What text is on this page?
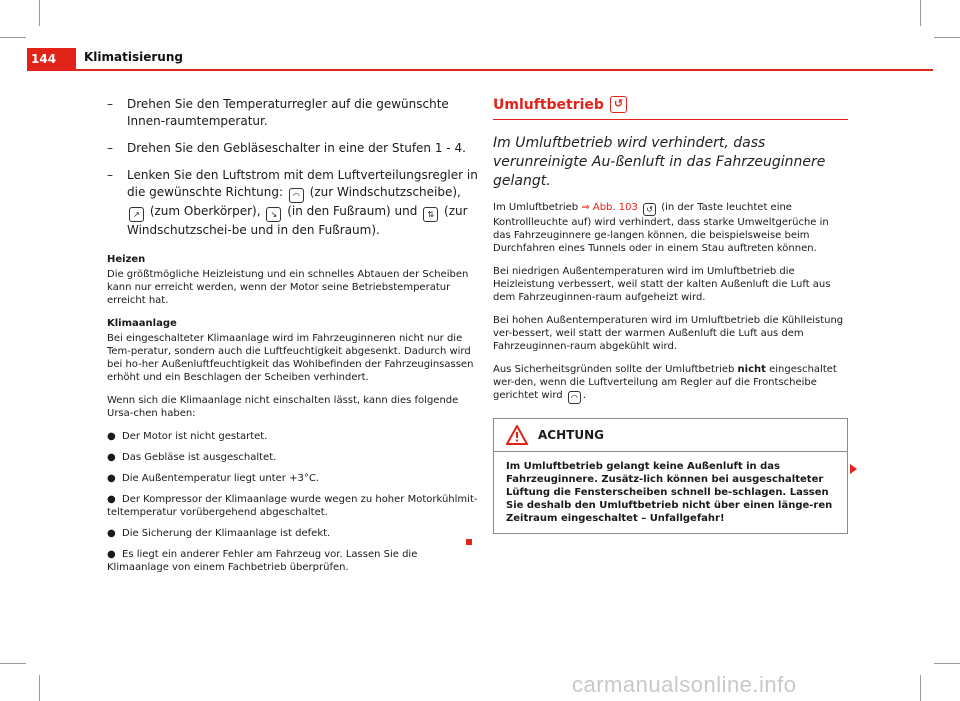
144	Klimatisierung
– Drehen Sie den Temperaturregler auf die gewünschte Innen-raumtemperatur.
– Drehen Sie den Gebläseschalter in eine der Stufen 1 - 4.
– Lenken Sie den Luftstrom mit dem Luftverteilungsregler in die gewünschte Richtung: ◠ (zur Windschutzscheibe), ↗ (zum Oberkörper), ↘ (in den Fußraum) und ⇅ (zur Windschutzschei-be und in den Fußraum).
Heizen
Die größtmögliche Heizleistung und ein schnelles Abtauen der Scheiben kann nur erreicht werden, wenn der Motor seine Betriebstemperatur erreicht hat.
Klimaanlage
Bei eingeschalteter Klimaanlage wird im Fahrzeuginneren nicht nur die Tem-peratur, sondern auch die Luftfeuchtigkeit abgesenkt. Dadurch wird bei ho-her Außenluftfeuchtigkeit das Wohlbefinden der Fahrzeuginsassen erhöht und ein Beschlagen der Scheiben verhindert.
Wenn sich die Klimaanlage nicht einschalten lässt, kann dies folgende Ursa-chen haben:
● Der Motor ist nicht gestartet.
● Das Gebläse ist ausgeschaltet.
● Die Außentemperatur liegt unter +3°C.
● Der Kompressor der Klimaanlage wurde wegen zu hoher Motorkühlmit-teltemperatur vorübergehend abgeschaltet.
● Die Sicherung der Klimaanlage ist defekt.
● Es liegt ein anderer Fehler am Fahrzeug vor. Lassen Sie die Klimaanlage von einem Fachbetrieb überprüfen.
Umluftbetrieb ↺
Im Umluftbetrieb wird verhindert, dass verunreinigte Au-ßenluft in das Fahrzeuginnere gelangt.
Im Umluftbetrieb ⇒ Abb. 103 ↺ (in der Taste leuchtet eine Kontrollleuchte auf) wird verhindert, dass starke Umweltgerüche in das Fahrzeuginnere ge-langen können, die beispielsweise beim Durchfahren eines Tunnels oder in einem Stau auftreten können.
Bei niedrigen Außentemperaturen wird im Umluftbetrieb die Heizleistung verbessert, weil statt der kalten Außenluft die Luft aus dem Fahrzeuginnen-raum aufgeheizt wird.
Bei hohen Außentemperaturen wird im Umluftbetrieb die Kühlleistung ver-bessert, weil statt der warmen Außenluft die Luft aus dem Fahrzeuginnen-raum abgekühlt wird.
Aus Sicherheitsgründen sollte der Umluftbetrieb nicht eingeschaltet wer-den, wenn die Luftverteilung am Regler auf die Frontscheibe gerichtet wird ◠ .
ACHTUNG
Im Umluftbetrieb gelangt keine Außenluft in das Fahrzeuginnere. Zusätz-lich können bei ausgeschalteter Lüftung die Fensterscheiben schnell be-schlagen. Lassen Sie deshalb den Umluftbetrieb nicht über einen länge-ren Zeitraum eingeschaltet – Unfallgefahr!
carmanualsonline.info
